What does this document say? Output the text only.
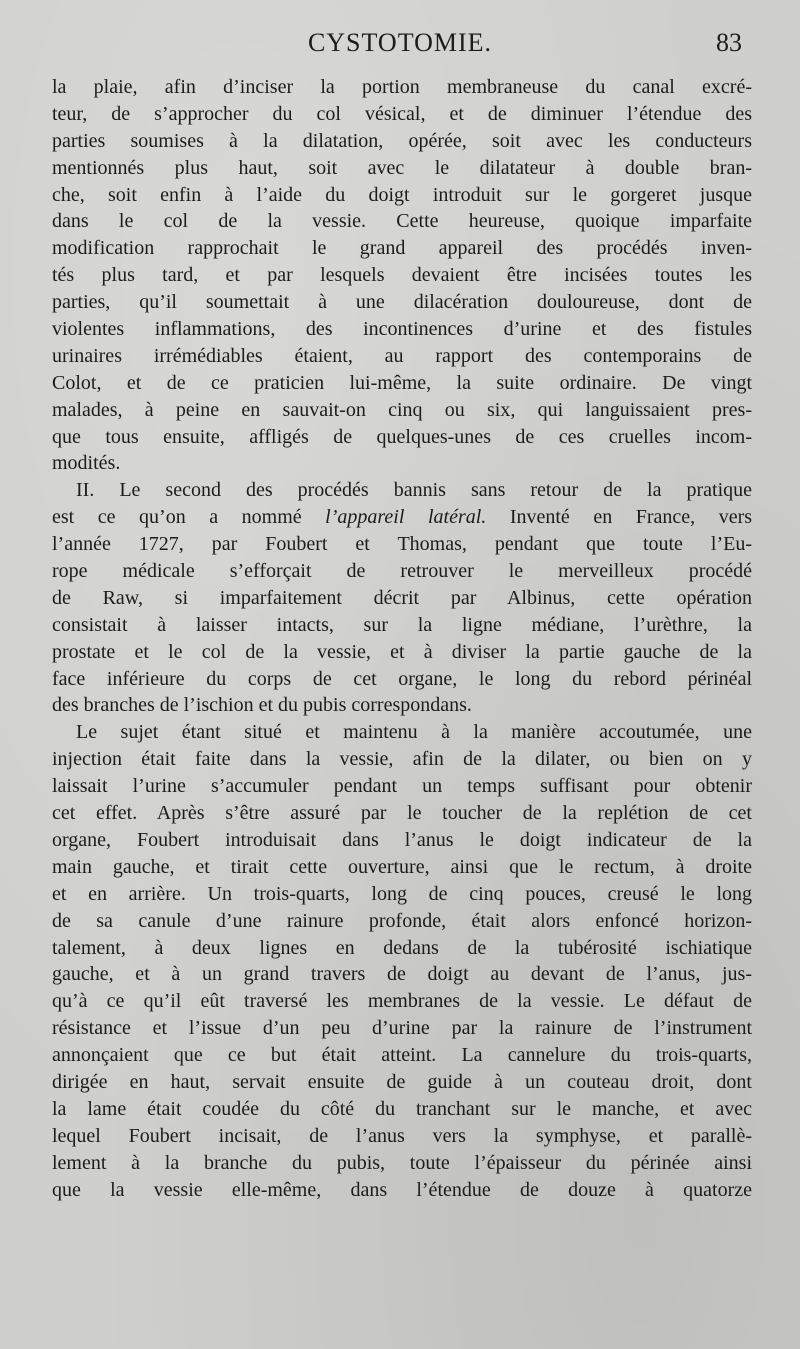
CYSTOTOMIE.	83
la plaie, afin d’inciser la portion membraneuse du canal excré-
teur, de s’approcher du col vésical, et de diminuer l’étendue des
parties soumises à la dilatation, opérée, soit avec les conducteurs
mentionnés plus haut, soit avec le dilatateur à double bran-
che, soit enfin à l’aide du doigt introduit sur le gorgeret jusque
dans le col de la vessie. Cette heureuse, quoique imparfaite
modification rapprochait le grand appareil des procédés inven-
tés plus tard, et par lesquels devaient être incisées toutes les
parties, qu’il soumettait à une dilacération douloureuse, dont de
violentes inflammations, des incontinences d’urine et des fistules
urinaires irrémédiables étaient, au rapport des contemporains de
Colot, et de ce praticien lui-même, la suite ordinaire. De vingt
malades, à peine en sauvait-on cinq ou six, qui languissaient pres-
que tous ensuite, affligés de quelques-unes de ces cruelles incom-
modités.
II. Le second des procédés bannis sans retour de la pratique
est ce qu’on a nommé l’appareil latéral. Inventé en France, vers
l’année 1727, par Foubert et Thomas, pendant que toute l’Eu-
rope médicale s’efforçait de retrouver le merveilleux procédé
de Raw, si imparfaitement décrit par Albinus, cette opération
consistait à laisser intacts, sur la ligne médiane, l’urèthre, la
prostate et le col de la vessie, et à diviser la partie gauche de la
face inférieure du corps de cet organe, le long du rebord périnéal
des branches de l’ischion et du pubis correspondans.
Le sujet étant situé et maintenu à la manière accoutumée, une
injection était faite dans la vessie, afin de la dilater, ou bien on y
laissait l’urine s’accumuler pendant un temps suffisant pour obtenir
cet effet. Après s’être assuré par le toucher de la replétion de cet
organe, Foubert introduisait dans l’anus le doigt indicateur de la
main gauche, et tirait cette ouverture, ainsi que le rectum, à droite
et en arrière. Un trois-quarts, long de cinq pouces, creusé le long
de sa canule d’une rainure profonde, était alors enfoncé horizon-
talement, à deux lignes en dedans de la tubérosité ischiatique
gauche, et à un grand travers de doigt au devant de l’anus, jus-
qu’à ce qu’il eût traversé les membranes de la vessie. Le défaut de
résistance et l’issue d’un peu d’urine par la rainure de l’instrument
annonçaient que ce but était atteint. La cannelure du trois-quarts,
dirigée en haut, servait ensuite de guide à un couteau droit, dont
la lame était coudée du côté du tranchant sur le manche, et avec
lequel Foubert incisait, de l’anus vers la symphyse, et parallè-
lement à la branche du pubis, toute l’épaisseur du périnée ainsi
que la vessie elle-même, dans l’étendue de douze à quatorze
